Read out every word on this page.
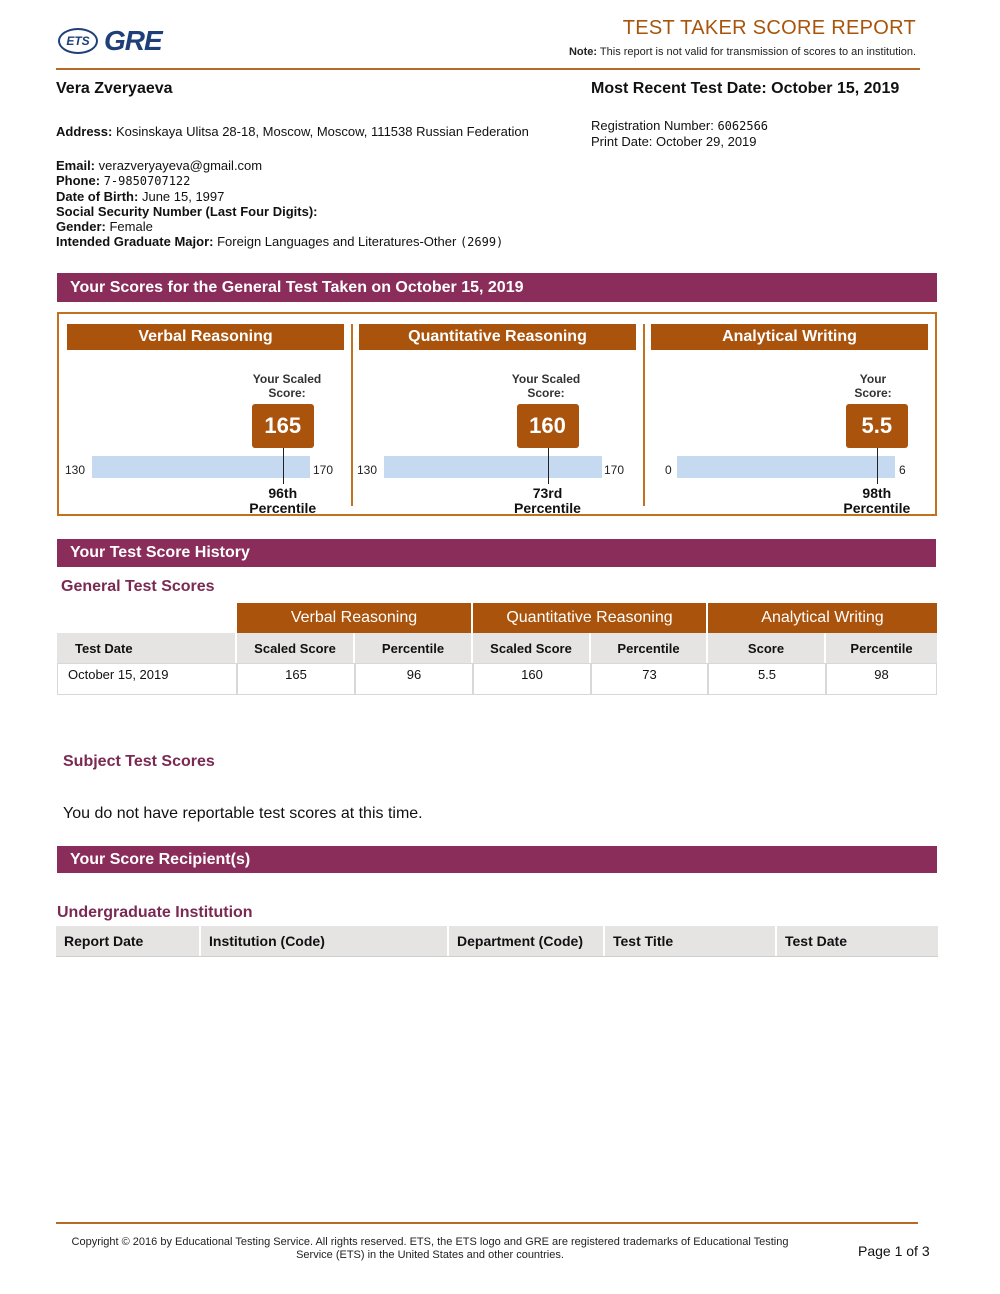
ETS GRE	TEST TAKER SCORE REPORT
Note: This report is not valid for transmission of scores to an institution.
Vera Zveryaeva	Most Recent Test Date: October 15, 2019
Address: Kosinskaya Ulitsa 28-18, Moscow, Moscow, 111538 Russian Federation	Registration Number: 6062566
Print Date: October 29, 2019
Email: verazveryayeva@gmail.com
Phone: 7-9850707122
Date of Birth: June 15, 1997
Social Security Number (Last Four Digits):
Gender: Female
Intended Graduate Major: Foreign Languages and Literatures-Other (2699)
Your Scores for the General Test Taken on October 15, 2019
Verbal Reasoning
Your Scaled
Score:
165
130	170
96th
Percentile
Quantitative Reasoning
Your Scaled
Score:
160
130	170
73rd
Percentile
Analytical Writing
Your
Score:
5.5
0	6
98th
Percentile
Your Test Score History
General Test Scores
Verbal Reasoning	Quantitative Reasoning	Analytical Writing
Test Date	Scaled Score	Percentile	Scaled Score	Percentile	Score	Percentile
October 15, 2019	165	96	160	73	5.5	98
Subject Test Scores
You do not have reportable test scores at this time.
Your Score Recipient(s)
Undergraduate Institution
Report Date	Institution (Code)	Department (Code)	Test Title	Test Date
Copyright © 2016 by Educational Testing Service. All rights reserved. ETS, the ETS logo and GRE are registered trademarks of Educational Testing Service (ETS) in the United States and other countries.	Page 1 of 3
